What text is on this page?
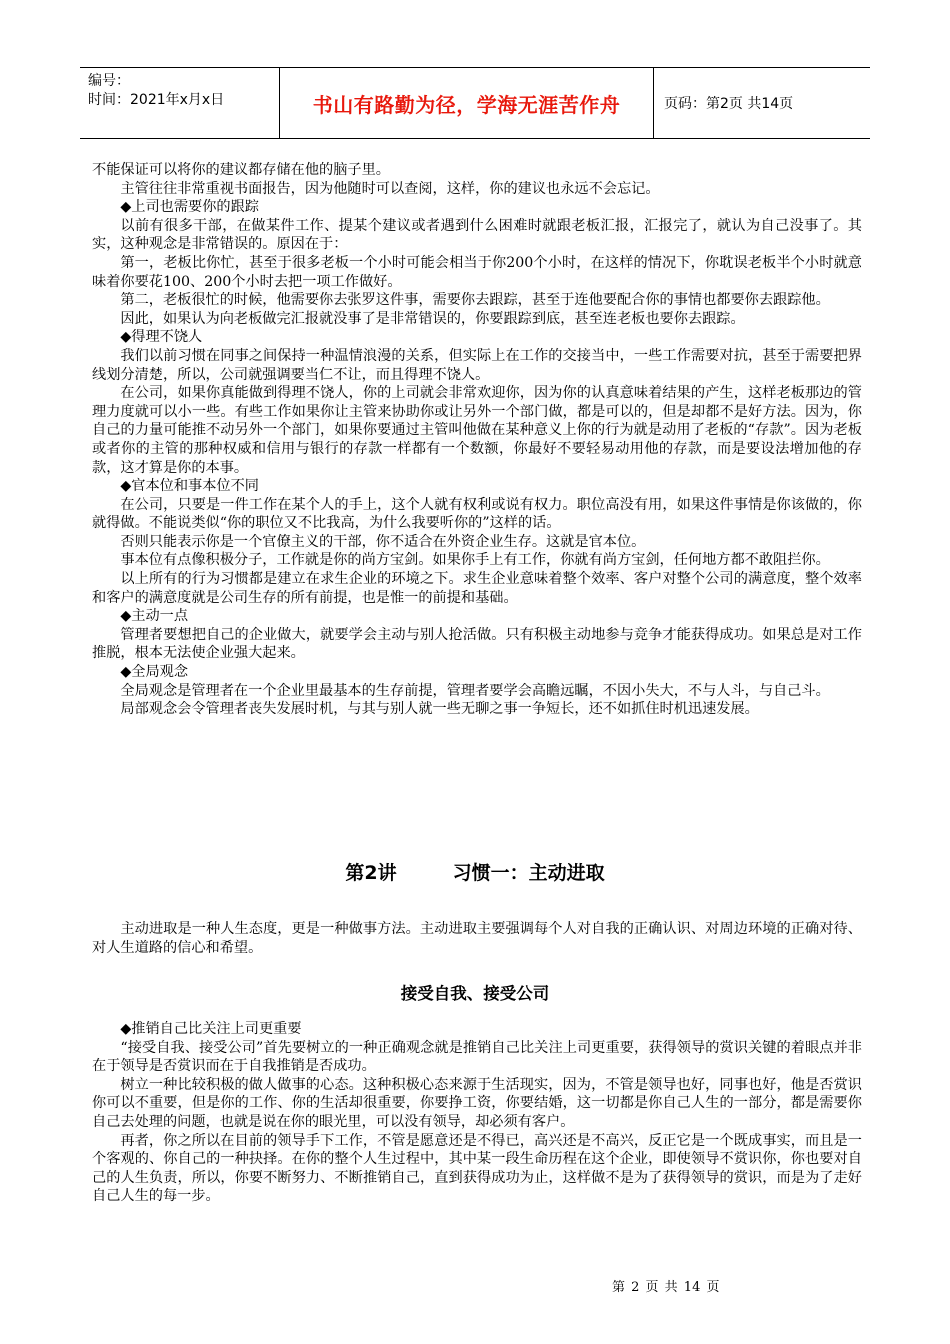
编号：
时间：2021年x月x日	书山有路勤为径，学海无涯苦作舟	页码：第2页 共14页

不能保证可以将你的建议都存储在他的脑子里。

主管往往非常重视书面报告，因为他随时可以查阅，这样，你的建议也永远不会忘记。

◆上司也需要你的跟踪

以前有很多干部，在做某件工作、提某个建议或者遇到什么困难时就跟老板汇报，汇报完了，就认为自己没事了。其实，这种观念是非常错误的。原因在于：

第一，老板比你忙，甚至于很多老板一个小时可能会相当于你200个小时，在这样的情况下，你耽误老板半个小时就意味着你要花100、200个小时去把一项工作做好。

第二，老板很忙的时候，他需要你去张罗这件事，需要你去跟踪，甚至于连他要配合你的事情也都要你去跟踪他。

因此，如果认为向老板做完汇报就没事了是非常错误的，你要跟踪到底，甚至连老板也要你去跟踪。

◆得理不饶人

我们以前习惯在同事之间保持一种温情浪漫的关系，但实际上在工作的交接当中，一些工作需要对抗，甚至于需要把界线划分清楚，所以，公司就强调要当仁不让，而且得理不饶人。

在公司，如果你真能做到得理不饶人，你的上司就会非常欢迎你，因为你的认真意味着结果的产生，这样老板那边的管理力度就可以小一些。有些工作如果你让主管来协助你或让另外一个部门做，都是可以的，但是却都不是好方法。因为，你自己的力量可能推不动另外一个部门，如果你要通过主管叫他做在某种意义上你的行为就是动用了老板的“存款”。因为老板或者你的主管的那种权威和信用与银行的存款一样都有一个数额，你最好不要轻易动用他的存款，而是要设法增加他的存款，这才算是你的本事。

◆官本位和事本位不同

在公司，只要是一件工作在某个人的手上，这个人就有权利或说有权力。职位高没有用，如果这件事情是你该做的，你就得做。不能说类似“你的职位又不比我高，为什么我要听你的”这样的话。

否则只能表示你是一个官僚主义的干部，你不适合在外资企业生存。这就是官本位。

事本位有点像积极分子，工作就是你的尚方宝剑。如果你手上有工作，你就有尚方宝剑，任何地方都不敢阻拦你。

以上所有的行为习惯都是建立在求生企业的环境之下。求生企业意味着整个效率、客户对整个公司的满意度，整个效率和客户的满意度就是公司生存的所有前提，也是惟一的前提和基础。

◆主动一点

管理者要想把自己的企业做大，就要学会主动与别人抢活做。只有积极主动地参与竞争才能获得成功。如果总是对工作推脱，根本无法使企业强大起来。

◆全局观念

全局观念是管理者在一个企业里最基本的生存前提，管理者要学会高瞻远瞩，不因小失大，不与人斗，与自己斗。

局部观念会令管理者丧失发展时机，与其与别人就一些无聊之事一争短长，还不如抓住时机迅速发展。

第2讲	习惯一：主动进取

主动进取是一种人生态度，更是一种做事方法。主动进取主要强调每个人对自我的正确认识、对周边环境的正确对待、对人生道路的信心和希望。

接受自我、接受公司

◆推销自己比关注上司更重要

“接受自我、接受公司”首先要树立的一种正确观念就是推销自己比关注上司更重要，获得领导的赏识关键的着眼点并非在于领导是否赏识而在于自我推销是否成功。

树立一种比较积极的做人做事的心态。这种积极心态来源于生活现实，因为，不管是领导也好，同事也好，他是否赏识你可以不重要，但是你的工作、你的生活却很重要，你要挣工资，你要结婚，这一切都是你自己人生的一部分，都是需要你自己去处理的问题，也就是说在你的眼光里，可以没有领导，却必须有客户。

再者，你之所以在目前的领导手下工作，不管是愿意还是不得已，高兴还是不高兴，反正它是一个既成事实，而且是一个客观的、你自己的一种抉择。在你的整个人生过程中，其中某一段生命历程在这个企业，即使领导不赏识你，你也要对自己的人生负责，所以，你要不断努力、不断推销自己，直到获得成功为止，这样做不是为了获得领导的赏识，而是为了走好自己人生的每一步。

第 2 页 共 14 页
